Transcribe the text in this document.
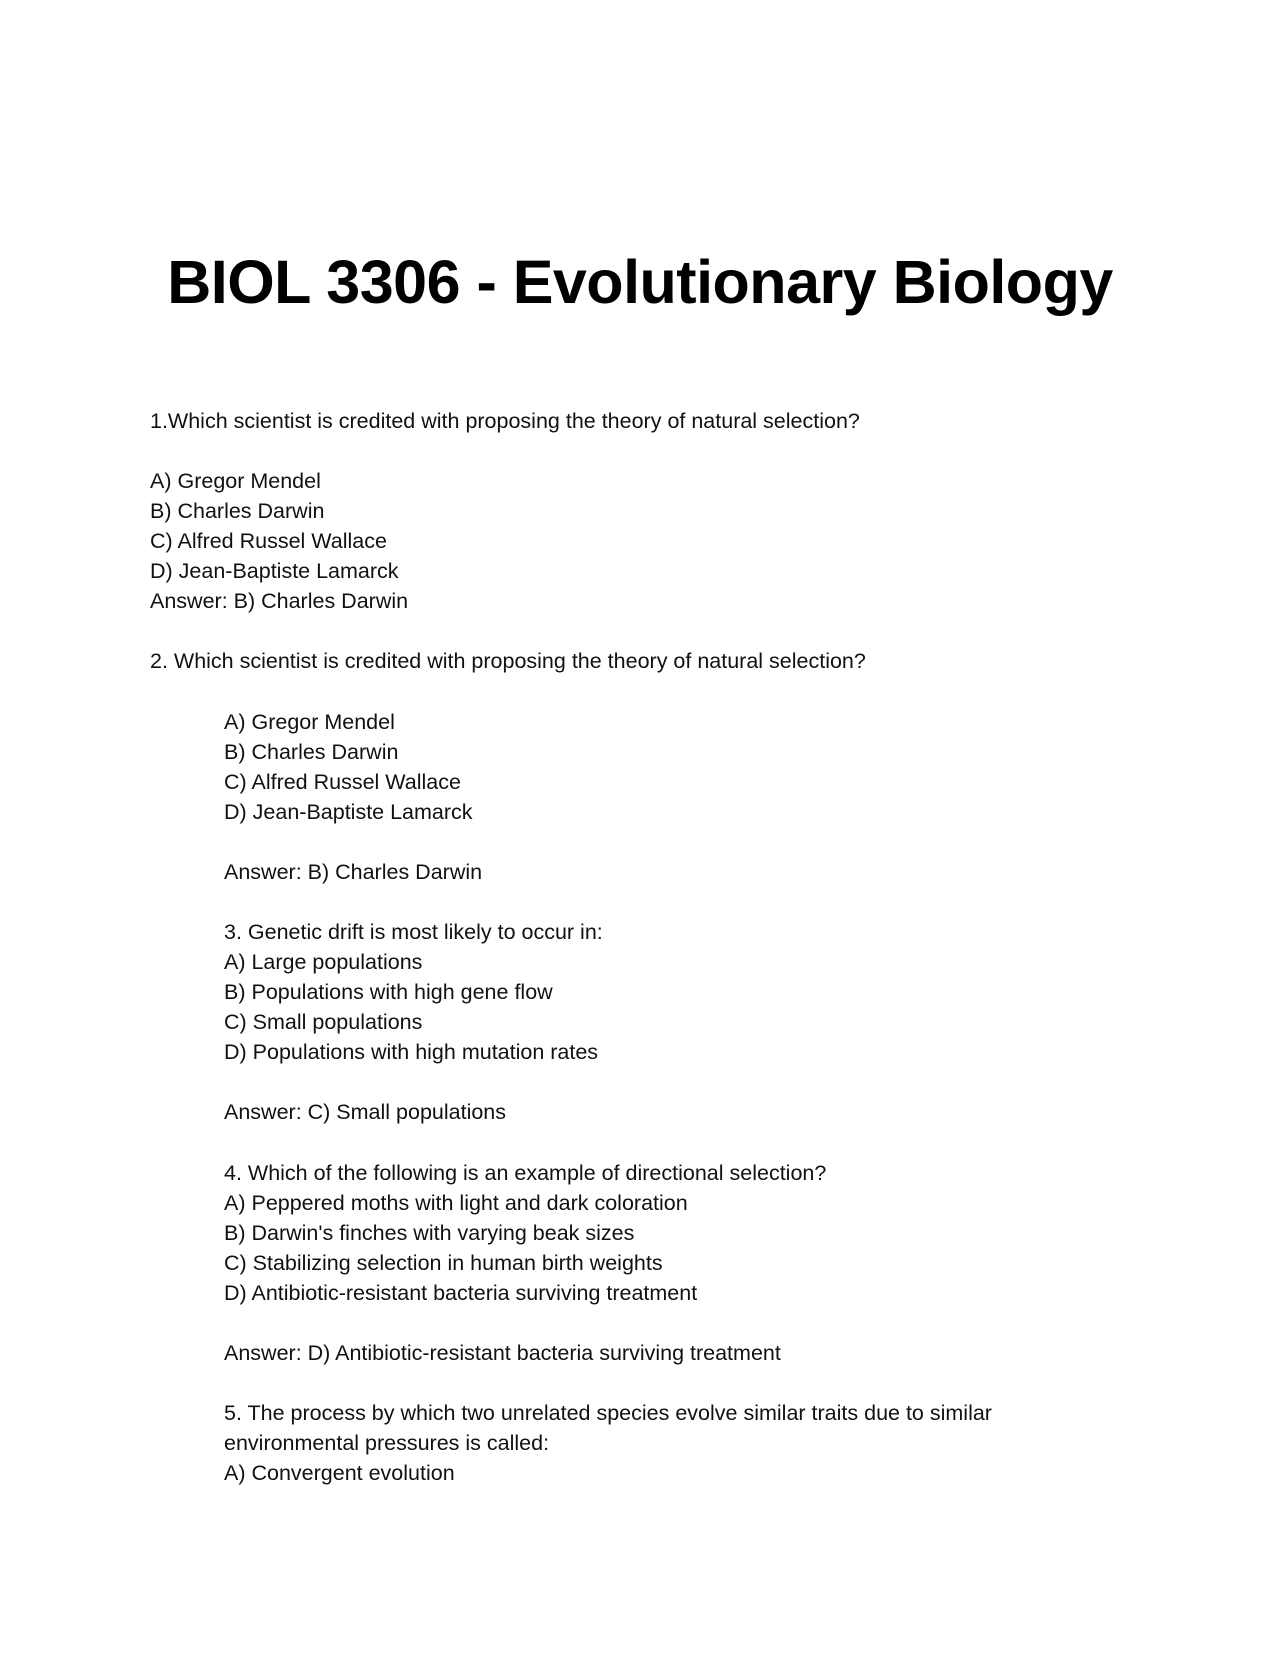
BIOL 3306 - Evolutionary Biology
1.Which scientist is credited with proposing the theory of natural selection?
A) Gregor Mendel
B) Charles Darwin
C) Alfred Russel Wallace
D) Jean-Baptiste Lamarck
Answer: B) Charles Darwin
2. Which scientist is credited with proposing the theory of natural selection?
A) Gregor Mendel
B) Charles Darwin
C) Alfred Russel Wallace
D) Jean-Baptiste Lamarck
Answer: B) Charles Darwin
3. Genetic drift is most likely to occur in:
A) Large populations
B) Populations with high gene flow
C) Small populations
D) Populations with high mutation rates
Answer: C) Small populations
4. Which of the following is an example of directional selection?
A) Peppered moths with light and dark coloration
B) Darwin's finches with varying beak sizes
C) Stabilizing selection in human birth weights
D) Antibiotic-resistant bacteria surviving treatment
Answer: D) Antibiotic-resistant bacteria surviving treatment
5. The process by which two unrelated species evolve similar traits due to similar
environmental pressures is called:
A) Convergent evolution
